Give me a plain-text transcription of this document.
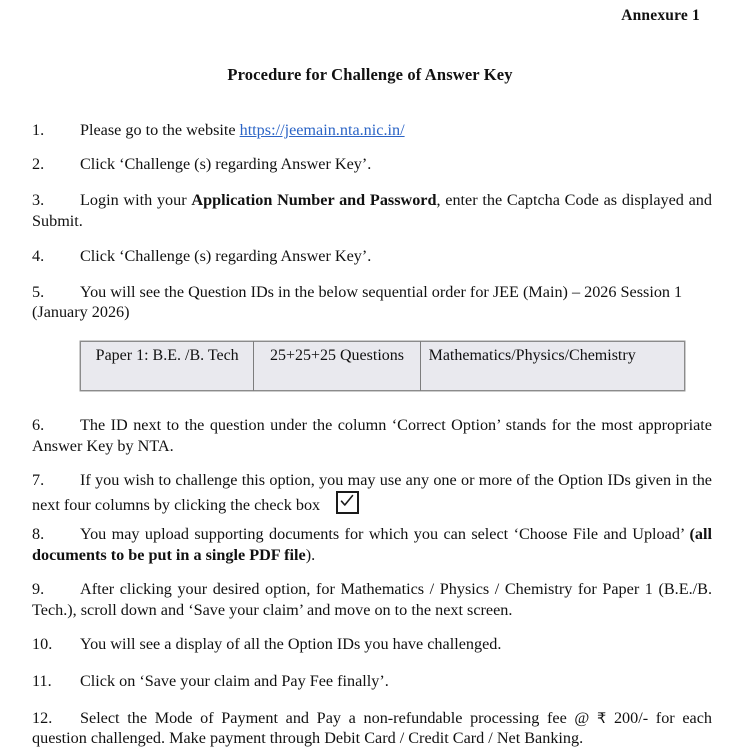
Annexure 1
Procedure for Challenge of Answer Key
1. Please go to the website https://jeemain.nta.nic.in/
2. Click ‘Challenge (s) regarding Answer Key’.
3. Login with your Application Number and Password, enter the Captcha Code as displayed and Submit.
4. Click ‘Challenge (s) regarding Answer Key’.
5. You will see the Question IDs in the below sequential order for JEE (Main) – 2026 Session 1 (January 2026)
Paper 1: B.E. /B. Tech	25+25+25 Questions	Mathematics/Physics/Chemistry
6. The ID next to the question under the column ‘Correct Option’ stands for the most appropriate Answer Key by NTA.
7. If you wish to challenge this option, you may use any one or more of the Option IDs given in the next four columns by clicking the check box
8. You may upload supporting documents for which you can select ‘Choose File and Upload’ (all documents to be put in a single PDF file).
9. After clicking your desired option, for Mathematics / Physics / Chemistry for Paper 1 (B.E./B. Tech.), scroll down and ‘Save your claim’ and move on to the next screen.
10. You will see a display of all the Option IDs you have challenged.
11. Click on ‘Save your claim and Pay Fee finally’.
12. Select the Mode of Payment and Pay a non-refundable processing fee @ ₹ 200/- for each question challenged. Make payment through Debit Card / Credit Card / Net Banking.
